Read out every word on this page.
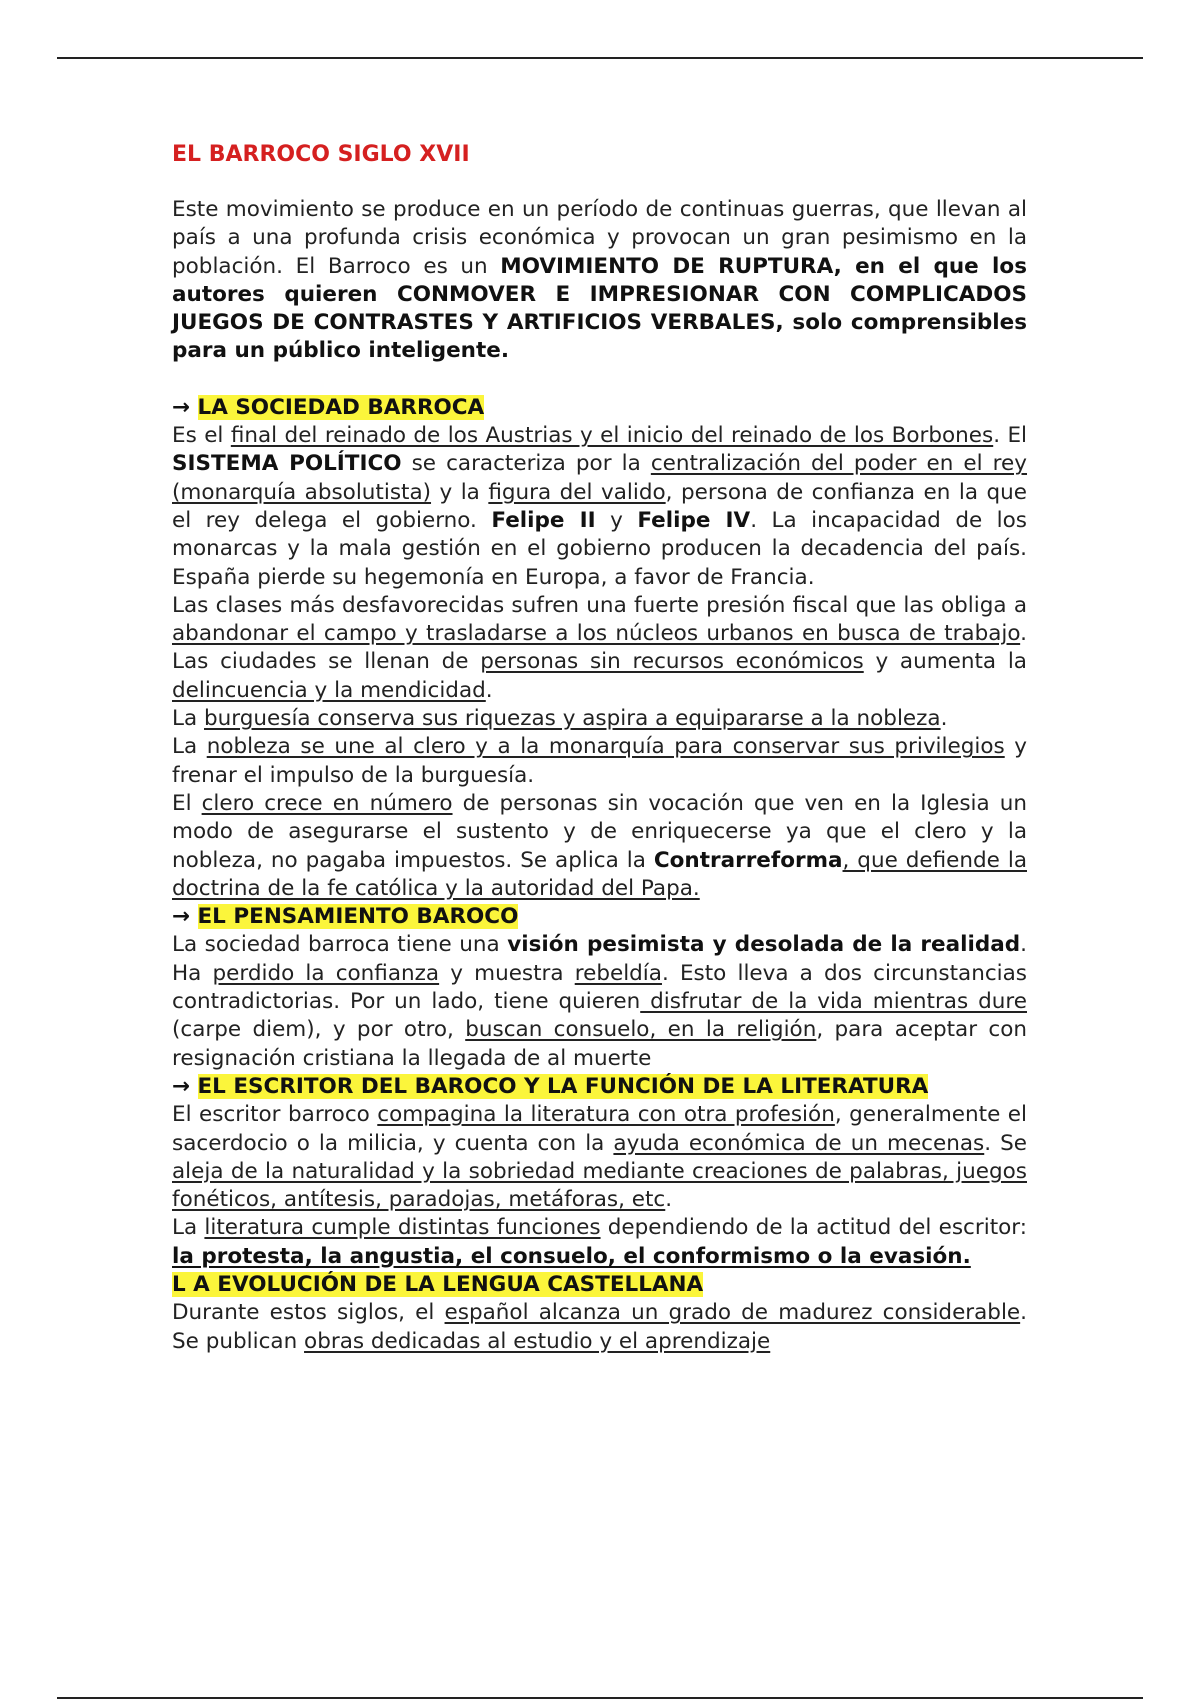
EL BARROCO SIGLO XVII

Este movimiento se produce en un período de continuas guerras, que llevan al país a una profunda crisis económica y provocan un gran pesimismo en la población. El Barroco es un MOVIMIENTO DE RUPTURA, en el que los autores quieren CONMOVER E IMPRESIONAR CON COMPLICADOS JUEGOS DE CONTRASTES Y ARTIFICIOS VERBALES, solo comprensibles para un público inteligente.

→ LA SOCIEDAD BARROCA

Es el final del reinado de los Austrias y el inicio del reinado de los Borbones. El SISTEMA POLÍTICO se caracteriza por la centralización del poder en el rey (monarquía absolutista) y la figura del valido, persona de confianza en la que el rey delega el gobierno. Felipe II y Felipe IV. La incapacidad de los monarcas y la mala gestión en el gobierno producen la decadencia del país. España pierde su hegemonía en Europa, a favor de Francia.

Las clases más desfavorecidas sufren una fuerte presión fiscal que las obliga a abandonar el campo y trasladarse a los núcleos urbanos en busca de trabajo. Las ciudades se llenan de personas sin recursos económicos y aumenta la delincuencia y la mendicidad.

La burguesía conserva sus riquezas y aspira a equipararse a la nobleza.

La nobleza se une al clero y a la monarquía para conservar sus privilegios y frenar el impulso de la burguesía.

El clero crece en número de personas sin vocación que ven en la Iglesia un modo de asegurarse el sustento y de enriquecerse ya que el clero y la nobleza, no pagaba impuestos. Se aplica la Contrarreforma, que defiende la doctrina de la fe católica y la autoridad del Papa.

→ EL PENSAMIENTO BAROCO

La sociedad barroca tiene una visión pesimista y desolada de la realidad. Ha perdido la confianza y muestra rebeldía. Esto lleva a dos circunstancias contradictorias. Por un lado, tiene quieren disfrutar de la vida mientras dure (carpe diem), y por otro, buscan consuelo, en la religión, para aceptar con resignación cristiana la llegada de al muerte

→ EL ESCRITOR DEL BAROCO Y LA FUNCIÓN DE LA LITERATURA

El escritor barroco compagina la literatura con otra profesión, generalmente el sacerdocio o la milicia, y cuenta con la ayuda económica de un mecenas. Se aleja de la naturalidad y la sobriedad mediante creaciones de palabras, juegos fonéticos, antítesis, paradojas, metáforas, etc.

La literatura cumple distintas funciones dependiendo de la actitud del escritor: la protesta, la angustia, el consuelo, el conformismo o la evasión.

L A EVOLUCIÓN DE LA LENGUA CASTELLANA

Durante estos siglos, el español alcanza un grado de madurez considerable. Se publican obras dedicadas al estudio y el aprendizaje
